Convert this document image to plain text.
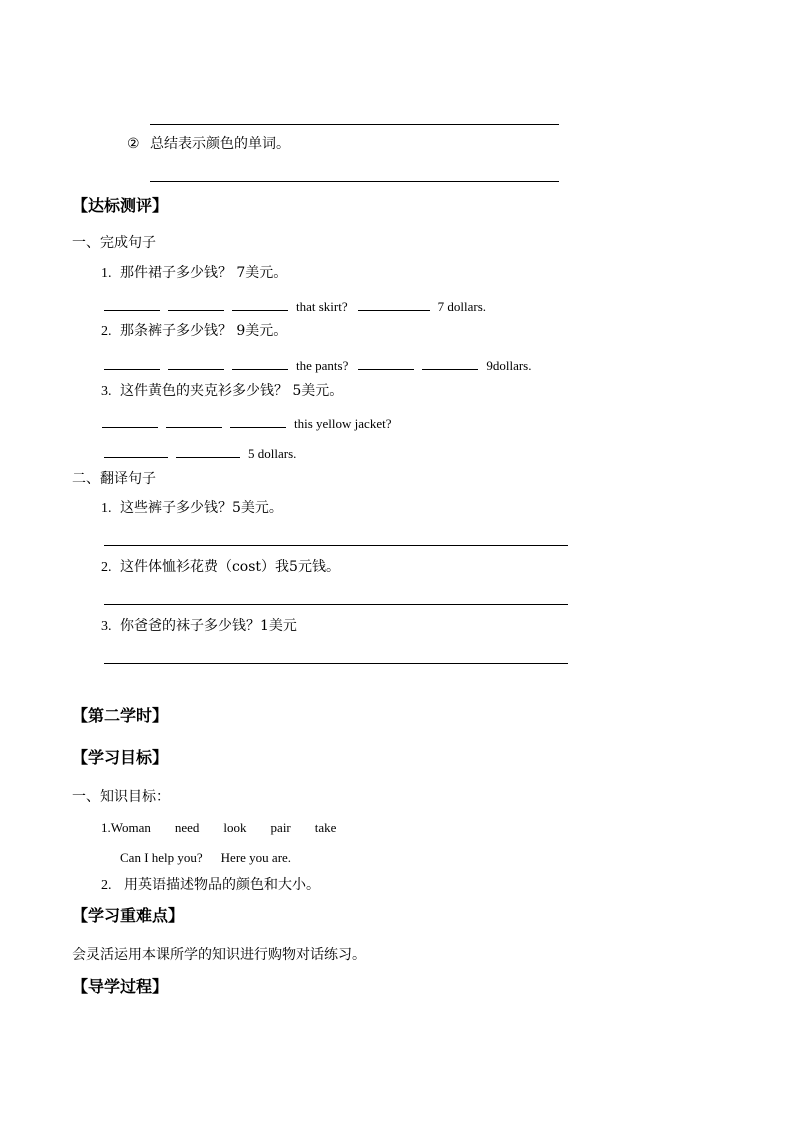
② 总结表示颜色的单词。
【达标测评】
一、完成句子
1. 那件裙子多少钱？ 7美元。
that skirt?	7 dollars.
2. 那条裤子多少钱？ 9美元。
the pants?	9dollars.
3. 这件黄色的夹克衫多少钱？ 5美元。
this yellow jacket?
5 dollars.
二、翻译句子
1. 这些裤子多少钱？5美元。
2. 这件体恤衫花费（cost）我5元钱。
3. 你爸爸的袜子多少钱？1美元
【第二学时】
【学习目标】
一、知识目标：
1.Woman need look pair take
Can I help you? Here you are.
2. 用英语描述物品的颜色和大小。
【学习重难点】
会灵活运用本课所学的知识进行购物对话练习。
【导学过程】
